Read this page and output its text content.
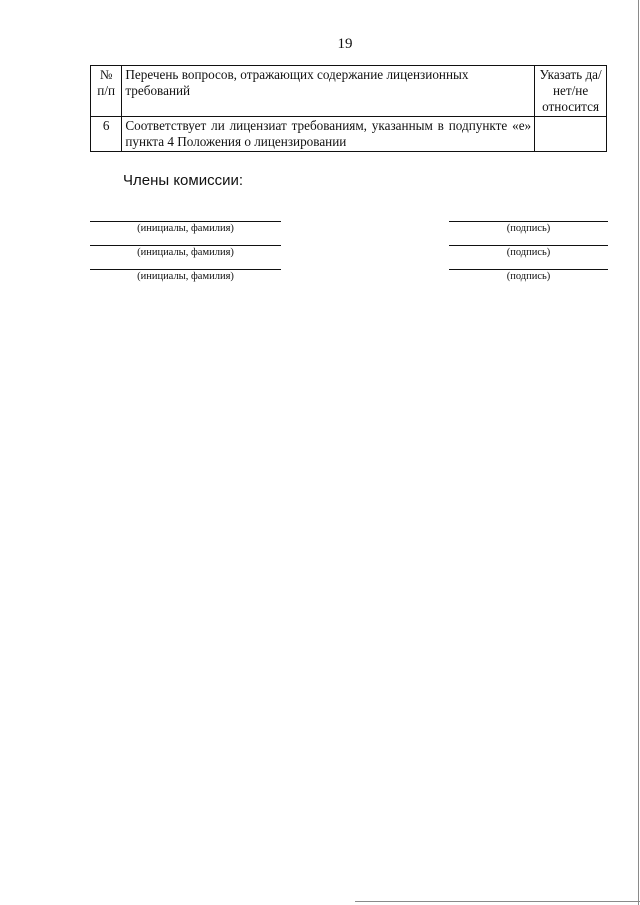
19
№ п/п	Перечень вопросов, отражающих содержание лицензионных требований	Указать да/нет/не относится
6	Соответствует ли лицензиат требованиям, указанным в подпункте «е» пункта 4 Положения о лицензировании	
Члены комиссии:
(инициалы, фамилия)	(подпись)
(инициалы, фамилия)	(подпись)
(инициалы, фамилия)	(подпись)
